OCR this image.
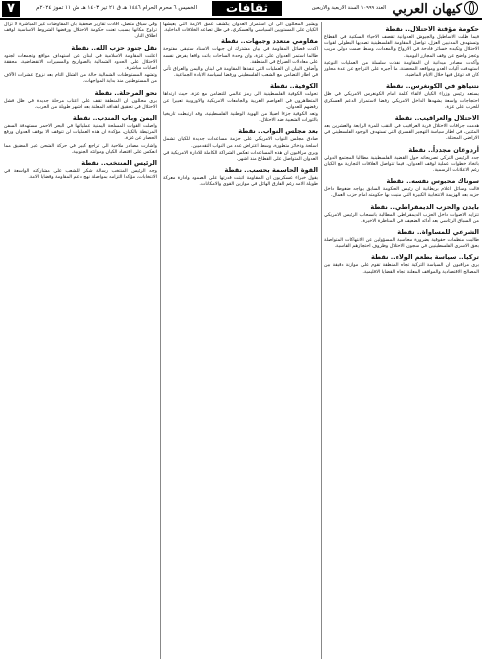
٧	الخميس ٦ محرم الحرام ١٤٤٦ هـ ق ٢١ تير ١٤٠٣ هـ ش ١١ تموز ٢٠٢٤م	ثقافات	العدد ١٠٩٩٩ السنة الاربعية والاربعين كيهان العربي
حكومة مؤقتة الاحتلال.. نقطة
فيما ظلت الاساطيل والجيوش العدوانية تقصف الاحياء السكنية في القطاع وتستهدف المدنيين العزل، تواصل المقاومة الفلسطينية تصديها البطولي لقوات الاحتلال وتكبده خسائر فادحة في الارواح والمعدات، وسط صمت دولي مريب وعجز واضح عن وقف المجازر اليومية.
وأكدت مصادر ميدانية ان المقاومة نفذت سلسلة من العمليات النوعية استهدفت آليات العدو ومواقعه المحصنة، ما أجبره على التراجع عن عدة محاور كان قد توغل فيها خلال الايام الماضية.
نتنياهو في الكونغرس.. نقطة
يستعد رئيس وزراء الكيان لالقاء كلمة امام الكونغرس الامريكي في ظل احتجاجات واسعة يشهدها الداخل الامريكي رفضا لاستمرار الدعم العسكري للحرب على غزة.
الاحتلال والعراقيب.. نقطة
هدمت جرافات الاحتلال قرية العراقيب في النقب للمرة الرابعة والعشرين بعد المئتين، في اطار سياسة التهجير القسري التي تستهدف الوجود الفلسطيني في الاراضي المحتلة.
أردوغان مجدداً.. نقطة
جدد الرئيس التركي تصريحاته حول القضية الفلسطينية مطالبا المجتمع الدولي باتخاذ خطوات عملية لوقف العدوان، فيما تتواصل العلاقات التجارية مع الكيان رغم الاعلانات الرسمية.
سوناك محبوس نفسه.. نقطة
قالت وسائل اعلام بريطانية ان رئيس الحكومة السابق يواجه ضغوطا داخل حزبه بعد الهزيمة الانتخابية الكبيرة التي منيت بها حكومته امام حزب العمال.
بايدن والحزب الديمقراطي.. نقطة
تتزايد الاصوات داخل الحزب الديمقراطي المطالبة بانسحاب الرئيس الامريكي من السباق الرئاسي بعد أدائه الضعيف في المناظرة الاخيرة.
الشرعي للمساواة.. نقطة
طالبت منظمات حقوقية بضرورة محاسبة المسؤولين عن الانتهاكات المتواصلة بحق الاسرى الفلسطينيين في سجون الاحتلال وظروف احتجازهم القاسية.
تركيا.. سياسة بطعم الولاء.. نقطة
يرى مراقبون ان السياسة التركية تجاه المنطقة تقوم على موازنة دقيقة بين المصالح الاقتصادية والمواقف المعلنة تجاه القضايا الاقليمية.
ويشير المحللون الى ان استمرار العدوان يكشف عمق الازمة التي يعيشها الكيان على المستويين السياسي والعسكري، في ظل تصاعد الخلافات الداخلية.
مقاومي متعدد وجبهات.. نقطة
اكدت فصائل المقاومة في بيان مشترك ان جبهات الاسناد ستبقى مفتوحة طالما استمر العدوان على غزة، وان وحدة الساحات باتت واقعا يفرض نفسه على معادلات الصراع في المنطقة.
وأضاف البيان ان العمليات التي تنفذها المقاومة في لبنان واليمن والعراق تأتي في اطار التضامن مع الشعب الفلسطيني ورفضا لسياسة الابادة الجماعية.
الكوفية.. نقطة
تحولت الكوفية الفلسطينية الى رمز عالمي للتضامن مع غزة، حيث ارتداها المتظاهرون في العواصم الغربية والجامعات الامريكية والاوروبية تعبيرا عن رفضهم للعدوان.
وتعد الكوفية جزءا اصيلا من الهوية الوطنية الفلسطينية، وقد ارتبطت تاريخيا بالثورات الشعبية ضد الاحتلال.
بعد مجلس النواب.. نقطة
صادق مجلس النواب الامريكي على حزمة مساعدات جديدة للكيان تشمل اسلحة وذخائر متطورة، وسط اعتراض عدد من النواب التقدميين.
ويرى مراقبون ان هذه المساعدات تعكس الشراكة الكاملة للادارة الامريكية في العدوان المتواصل على القطاع منذ اشهر.
القوة الحاسمة بحسب.. نقطة
يقول خبراء عسكريون ان المقاومة اثبتت قدرتها على الصمود وادارة معركة طويلة الامد رغم الفارق الهائل في موازين القوى والامكانات.
وفي سياق متصل، افادت تقارير صحفية بان المفاوضات غير المباشرة لا تزال تراوح مكانها بسبب تعنت حكومة الاحتلال ورفضها الشروط الاساسية لوقف اطلاق النار.
نقل جنود حزب الله.. نقطة
اعلنت المقاومة الاسلامية في لبنان عن استهداف مواقع وتجمعات لجنود الاحتلال على الحدود الشمالية بالصواريخ والمسيرات الانقضاضية، محققة اصابات مباشرة.
وتشهد المستوطنات الشمالية حالة من الشلل التام بعد نزوح عشرات الآلاف من المستوطنين منذ بداية المواجهات.
نحو المرحلة.. نقطة
يرى محللون ان المنطقة تقف على اعتاب مرحلة جديدة في ظل فشل الاحتلال في تحقيق اهدافه المعلنة بعد اشهر طويلة من الحرب.
اليمن وباب المندب.. نقطة
واصلت القوات المسلحة اليمنية عملياتها في البحر الاحمر مستهدفة السفن المرتبطة بالكيان، مؤكدة ان هذه العمليات لن تتوقف الا بوقف العدوان ورفع الحصار عن غزة.
واشارت مصادر ملاحية الى تراجع كبير في حركة الشحن عبر المضيق مما انعكس على اقتصاد الكيان وموانئه الجنوبية.
الرئيس المنتخب.. نقطة
وجه الرئيس المنتخب رسالة شكر للشعب على مشاركته الواسعة في الانتخابات، مؤكدا التزامه بمواصلة نهج دعم المقاومة وقضايا الامة.
